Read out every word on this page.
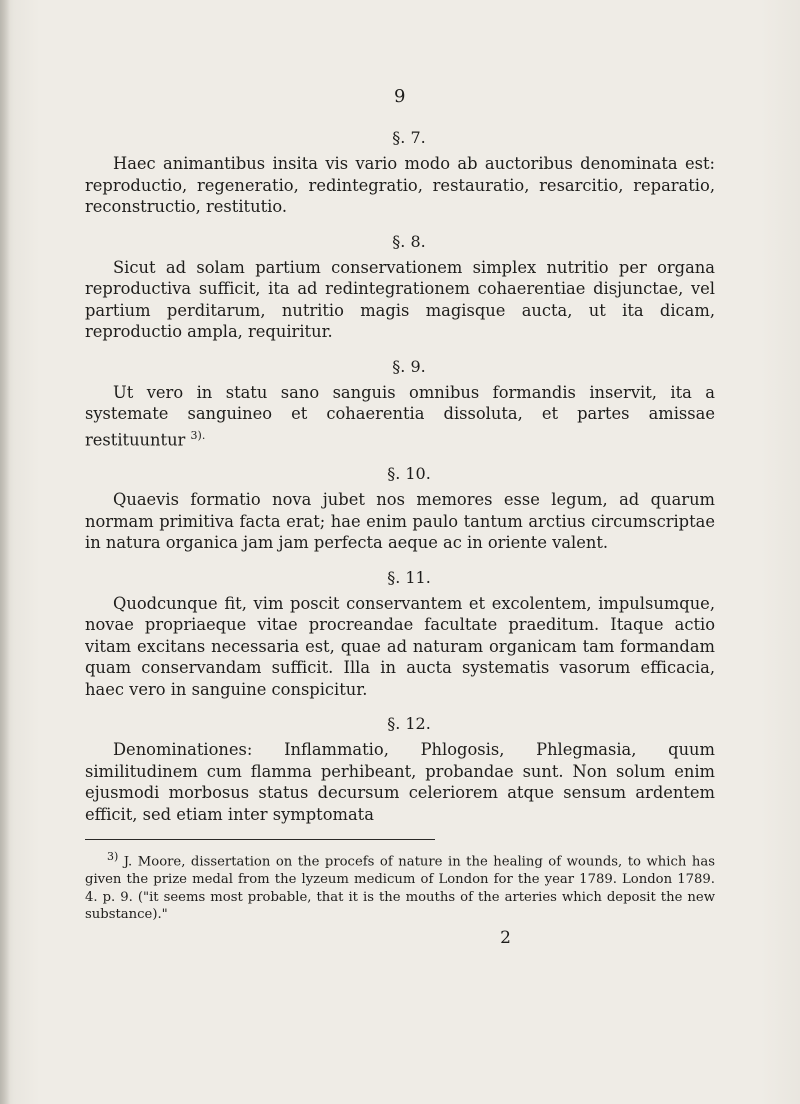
9

§. 7.

Haec animantibus insita vis vario modo ab auctoribus denominata est: reproductio, regeneratio, redintegratio, restauratio, resarcitio, reparatio, reconstructio, restitutio.

§. 8.

Sicut ad solam partium conservationem simplex nutritio per organa reproductiva sufficit, ita ad redintegrationem cohaerentiae disjunctae, vel partium perditarum, nutritio magis magisque aucta, ut ita dicam, reproductio ampla, requiritur.

§. 9.

Ut vero in statu sano sanguis omnibus formandis inservit, ita a systemate sanguineo et cohaerentia dissoluta, et partes amissae restituuntur $^{3).}$

§. 10.

Quaevis formatio nova jubet nos memores esse legum, ad quarum normam primitiva facta erat; hae enim paulo tantum arctius circumscriptae in natura organica jam jam perfecta aeque ac in oriente valent.

§. 11.

Quodcunque fit, vim poscit conservantem et excolentem, impulsumque, novae propriaeque vitae procreandae facultate praeditum. Itaque actio vitam excitans necessaria est, quae ad naturam organicam tam formandam quam conservandam sufficit. Illa in aucta systematis vasorum efficacia, haec vero in sanguine conspicitur.

§. 12.

Denominationes: Inflammatio, Phlogosis, Phlegmasia, quum similitudinem cum flamma perhibeant, probandae sunt. Non solum enim ejusmodi morbosus status decursum celeriorem atque sensum ardentem efficit, sed etiam inter symptomata

$^{3)}$ J. Moore, dissertation on the procefs of nature in the healing of wounds, to which has given the prize medal from the lyzeum medicum of London for the year 1789. London 1789. 4. p. 9. ("it seems most probable, that it is the mouths of the arteries which deposit the new substance)."

2
